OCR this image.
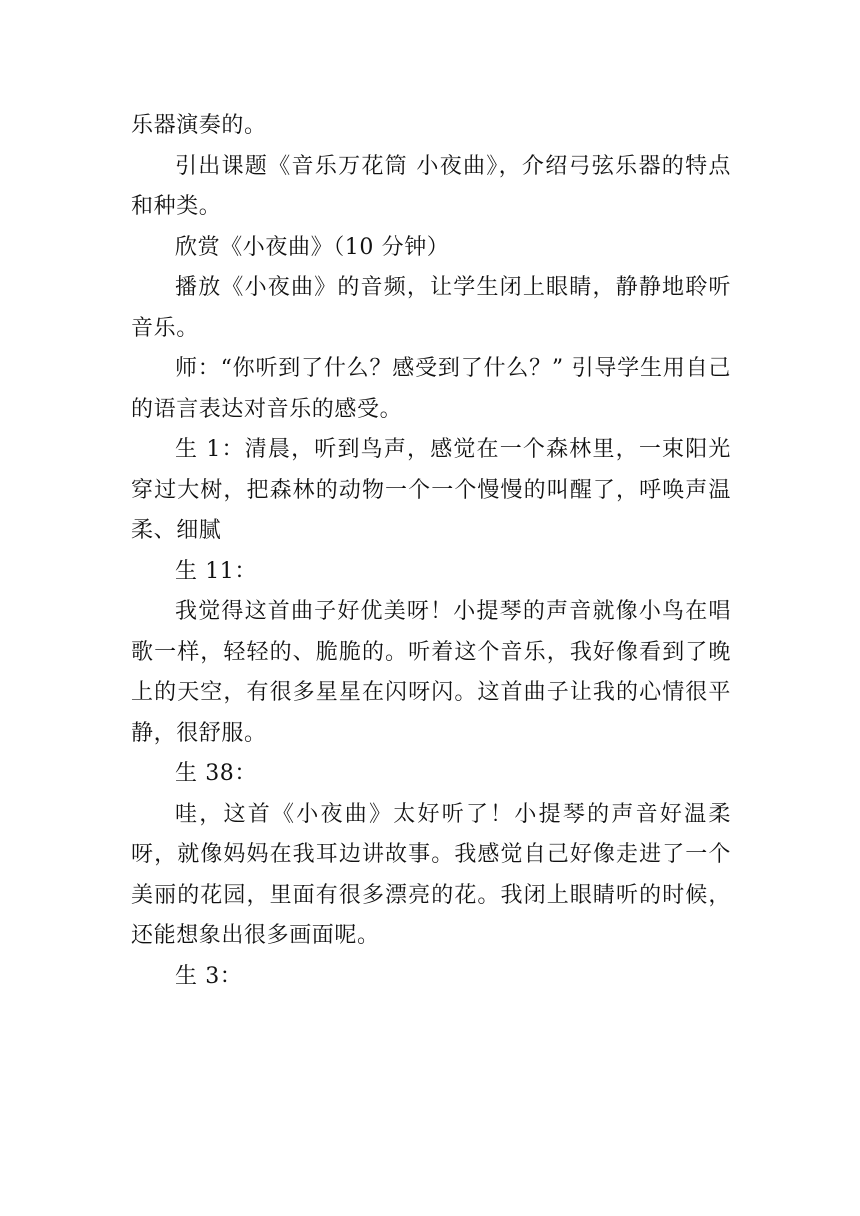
乐器演奏的。

引出课题《音乐万花筒 小夜曲》，介绍弓弦乐器的特点和种类。

欣赏《小夜曲》（10 分钟）

播放《小夜曲》的音频，让学生闭上眼睛，静静地聆听音乐。

师：“你听到了什么？感受到了什么？” 引导学生用自己的语言表达对音乐的感受。

生 1：清晨，听到鸟声，感觉在一个森林里，一束阳光穿过大树，把森林的动物一个一个慢慢的叫醒了，呼唤声温柔、细腻

生 11：

我觉得这首曲子好优美呀！小提琴的声音就像小鸟在唱歌一样，轻轻的、脆脆的。听着这个音乐，我好像看到了晚上的天空，有很多星星在闪呀闪。这首曲子让我的心情很平静，很舒服。

生 38：

哇，这首《小夜曲》太好听了！小提琴的声音好温柔呀，就像妈妈在我耳边讲故事。我感觉自己好像走进了一个美丽的花园，里面有很多漂亮的花。我闭上眼睛听的时候，还能想象出很多画面呢。

生 3：
